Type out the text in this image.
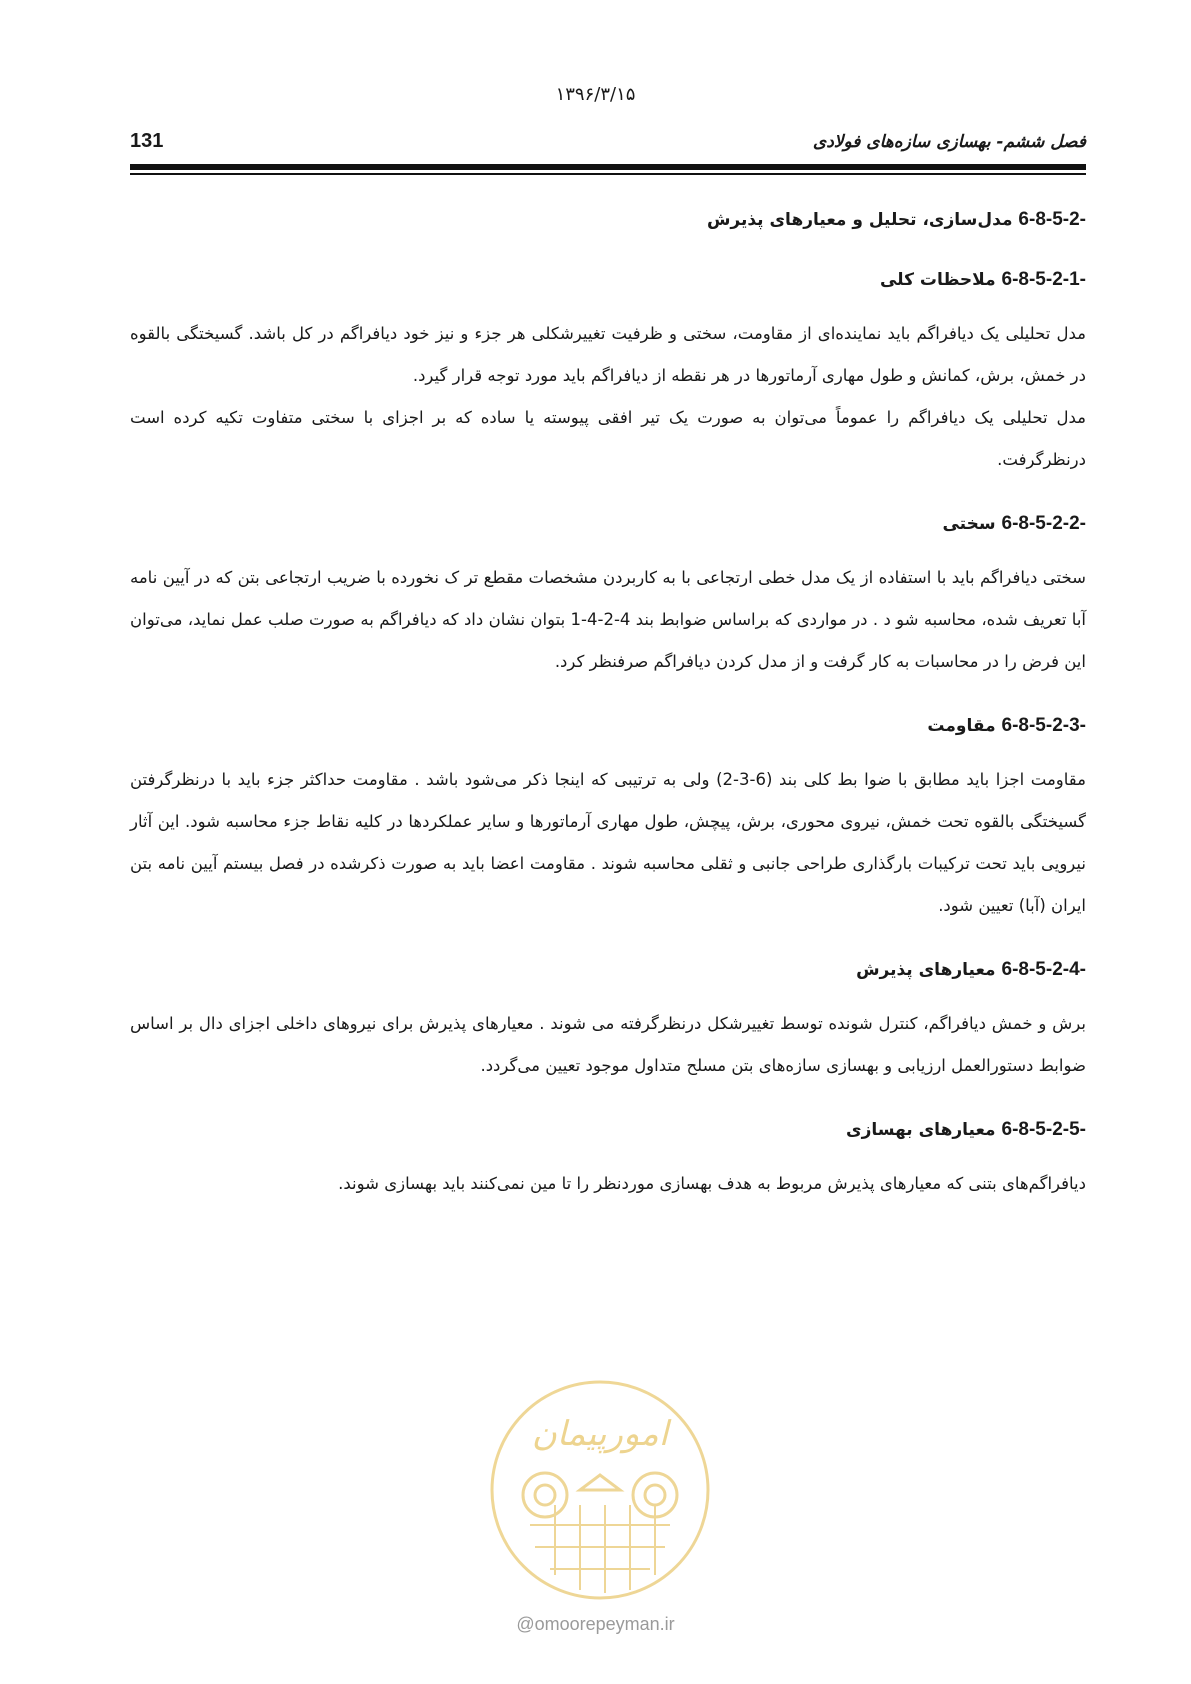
۱۳۹۶/۳/۱۵
131	فصل ششم- بهسازی سازه‌های فولادی
6-8-5-2- مدل‌سازی، تحلیل و معیارهای پذیرش
6-8-5-2-1- ملاحظات کلی

مدل تحلیلی یک دیافراگم باید نماینده‌ای از مقاومت، سختی و ظرفیت تغییرشکلی هر جزء و نیز خود دیافراگم در کل باشد. گسیختگی بالقوه در خمش، برش، کمانش و طول مهاری آرماتورها در هر نقطه از دیافراگم باید مورد توجه قرار گیرد.

مدل تحلیلی یک دیافراگم را عموماً می‌توان به صورت یک تیر افقی پیوسته یا ساده که بر اجزای با سختی متفاوت تکیه کرده است درنظرگرفت.

6-8-5-2-2- سختی

سختی دیافراگم باید با استفاده از یک مدل خطی ارتجاعی با به کاربردن مشخصات مقطع تر ک نخورده با ضریب ارتجاعی بتن که در آیین نامه آبا تعریف شده، محاسبه شو د . در مواردی که براساس ضوابط بند 4-2-4-1 بتوان نشان داد که دیافراگم به صورت صلب عمل نماید، می‌توان این فرض را در محاسبات به کار گرفت و از مدل کردن دیافراگم صرفنظر کرد.

6-8-5-2-3- مقاومت

مقاومت اجزا باید مطابق با ضوا بط کلی بند (6-3-2) ولی به ترتیبی که اینجا ذکر می‌شود باشد . مقاومت حداکثر جزء باید با درنظرگرفتن گسیختگی بالقوه تحت خمش، نیروی محوری، برش، پیچش، طول مهاری آرماتورها و سایر عملکردها در کلیه نقاط جزء محاسبه شود. این آثار نیرویی باید تحت ترکیبات بارگذاری طراحی جانبی و ثقلی محاسبه شوند . مقاومت اعضا باید به صورت ذکرشده در فصل بیستم آیین نامه بتن ایران (آبا) تعیین شود.

6-8-5-2-4- معیارهای پذیرش

برش و خمش دیافراگم، کنترل شونده توسط تغییرشکل درنظرگرفته می شوند . معیارهای پذیرش برای نیروهای داخلی اجزای دال بر اساس ضوابط دستورالعمل ارزیابی و بهسازی سازه‌های بتن مسلح متداول موجود تعیین می‌گردد.

6-8-5-2-5- معیارهای بهسازی

دیافراگم‌های بتنی که معیارهای پذیرش مربوط به هدف بهسازی موردنظر را تا مین نمی‌کنند باید بهسازی شوند.

امورپیمان
@omoorepeyman.ir
